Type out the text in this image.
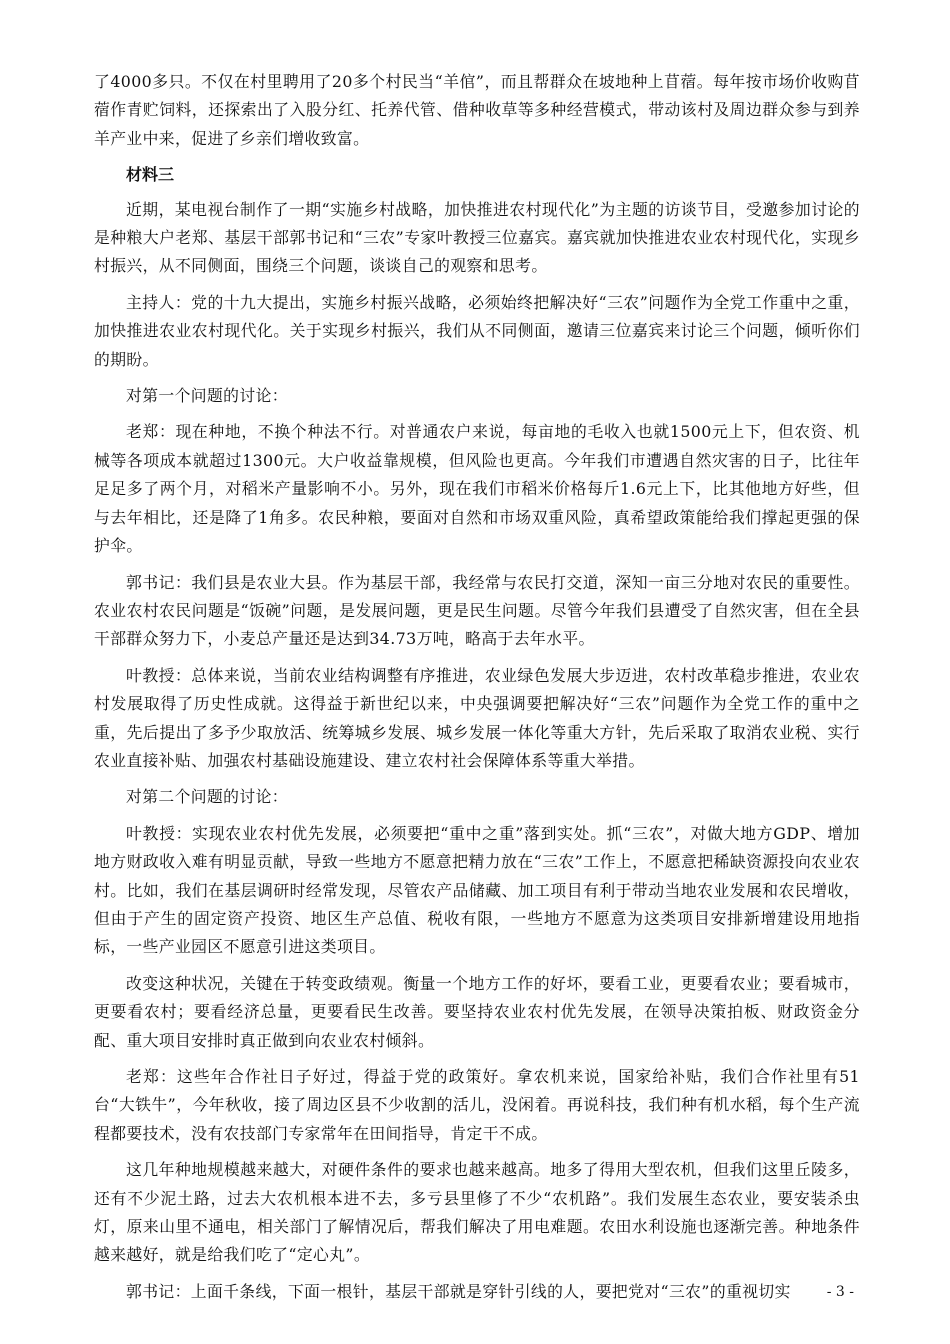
了4000多只。不仅在村里聘用了20多个村民当“羊倌”，而且帮群众在坡地种上苜蓿。每年按市场价收购苜蓿作青贮饲料，还探索出了入股分红、托养代管、借种收草等多种经营模式，带动该村及周边群众参与到养羊产业中来，促进了乡亲们增收致富。

材料三

近期，某电视台制作了一期“实施乡村战略，加快推进农村现代化”为主题的访谈节目，受邀参加讨论的是种粮大户老郑、基层干部郭书记和“三农”专家叶教授三位嘉宾。嘉宾就加快推进农业农村现代化，实现乡村振兴，从不同侧面，围绕三个问题，谈谈自己的观察和思考。

主持人：党的十九大提出，实施乡村振兴战略，必须始终把解决好“三农”问题作为全党工作重中之重，加快推进农业农村现代化。关于实现乡村振兴，我们从不同侧面，邀请三位嘉宾来讨论三个问题，倾听你们的期盼。

对第一个问题的讨论：

老郑：现在种地，不换个种法不行。对普通农户来说，每亩地的毛收入也就1500元上下，但农资、机械等各项成本就超过1300元。大户收益靠规模，但风险也更高。今年我们市遭遇自然灾害的日子，比往年足足多了两个月，对稻米产量影响不小。另外，现在我们市稻米价格每斤1.6元上下，比其他地方好些，但与去年相比，还是降了1角多。农民种粮，要面对自然和市场双重风险，真希望政策能给我们撑起更强的保护伞。

郭书记：我们县是农业大县。作为基层干部，我经常与农民打交道，深知一亩三分地对农民的重要性。农业农村农民问题是“饭碗”问题，是发展问题，更是民生问题。尽管今年我们县遭受了自然灾害，但在全县干部群众努力下，小麦总产量还是达到34.73万吨，略高于去年水平。

叶教授：总体来说，当前农业结构调整有序推进，农业绿色发展大步迈进，农村改革稳步推进，农业农村发展取得了历史性成就。这得益于新世纪以来，中央强调要把解决好“三农”问题作为全党工作的重中之重，先后提出了多予少取放活、统筹城乡发展、城乡发展一体化等重大方针，先后采取了取消农业税、实行农业直接补贴、加强农村基础设施建设、建立农村社会保障体系等重大举措。

对第二个问题的讨论：

叶教授：实现农业农村优先发展，必须要把“重中之重”落到实处。抓“三农”，对做大地方GDP、增加地方财政收入难有明显贡献，导致一些地方不愿意把精力放在“三农”工作上，不愿意把稀缺资源投向农业农村。比如，我们在基层调研时经常发现，尽管农产品储藏、加工项目有利于带动当地农业发展和农民增收，但由于产生的固定资产投资、地区生产总值、税收有限，一些地方不愿意为这类项目安排新增建设用地指标，一些产业园区不愿意引进这类项目。

改变这种状况，关键在于转变政绩观。衡量一个地方工作的好坏，要看工业，更要看农业；要看城市，更要看农村；要看经济总量，更要看民生改善。要坚持农业农村优先发展，在领导决策拍板、财政资金分配、重大项目安排时真正做到向农业农村倾斜。

老郑：这些年合作社日子好过，得益于党的政策好。拿农机来说，国家给补贴，我们合作社里有51台“大铁牛”，今年秋收，接了周边区县不少收割的活儿，没闲着。再说科技，我们种有机水稻，每个生产流程都要技术，没有农技部门专家常年在田间指导，肯定干不成。

这几年种地规模越来越大，对硬件条件的要求也越来越高。地多了得用大型农机，但我们这里丘陵多，还有不少泥土路，过去大农机根本进不去，多亏县里修了不少“农机路”。我们发展生态农业，要安装杀虫灯，原来山里不通电，相关部门了解情况后，帮我们解决了用电难题。农田水利设施也逐渐完善。种地条件越来越好，就是给我们吃了“定心丸”。

郭书记：上面千条线，下面一根针，基层干部就是穿针引线的人，要把党对“三农”的重视切实	- 3 -
